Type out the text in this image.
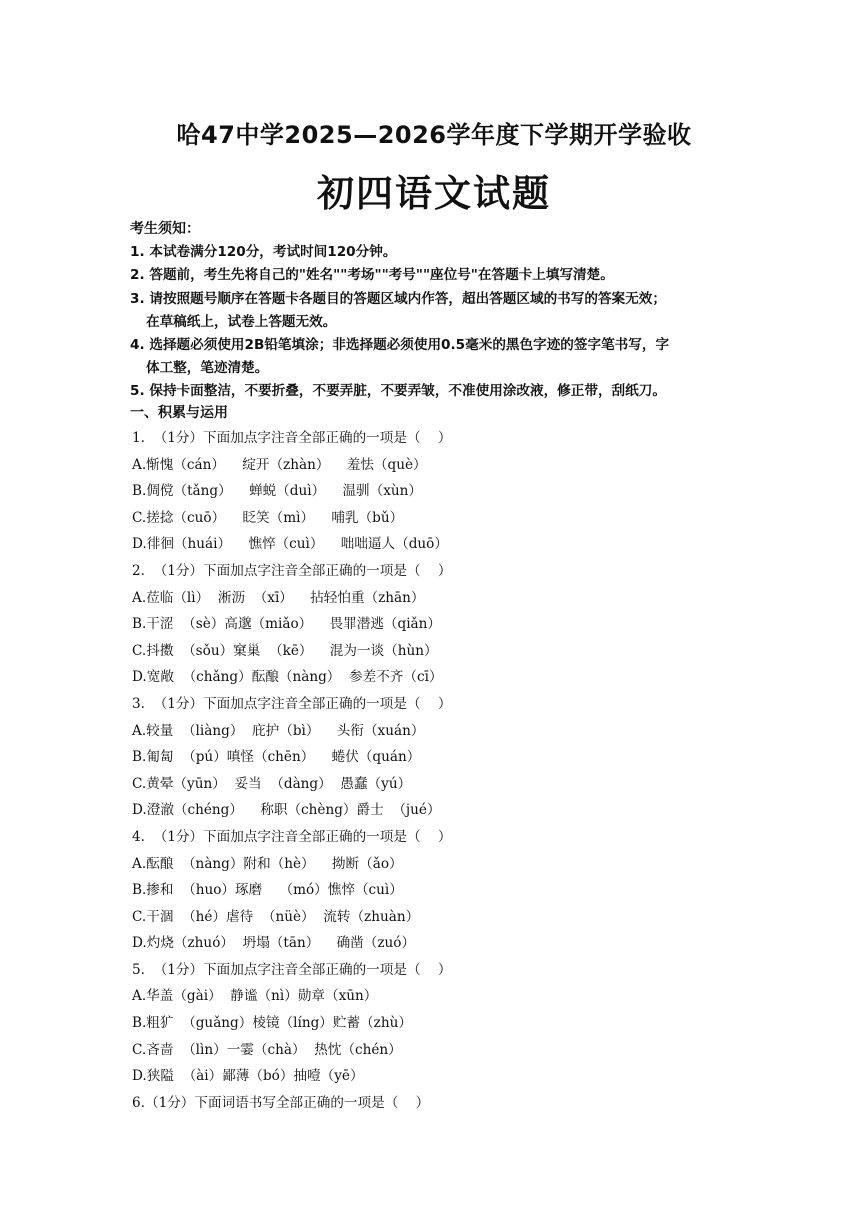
哈47中学2025—2026学年度下学期开学验收
初四语文试题
考生须知：
1. 本试卷满分120分，考试时间120分钟。
2. 答题前，考生先将自己的"姓名""考场""考号""座位号"在答题卡上填写清楚。
3. 请按照题号顺序在答题卡各题目的答题区域内作答，超出答题区域的书写的答案无效；
在草稿纸上，试卷上答题无效。
4. 选择题必须使用2B铅笔填涂；非选择题必须使用0.5毫米的黑色字迹的签字笔书写，字
体工整，笔迹清楚。
5. 保持卡面整洁，不要折叠，不要弄脏，不要弄皱，不准使用涂改液，修正带，刮纸刀。
一、积累与运用
1.  （1分）下面加点字注音全部正确的一项是（    ）
A.惭愧（cán）    绽开（zhàn）    羞怯（què）
B.倜傥（tǎng）    蝉蜕（duì）    温驯（xùn）
C.搓捻（cuō）    眨笑（mì）    哺乳（bǔ）
D.徘徊（huái）    憔悴（cuì）    咄咄逼人（duō）
2.  （1分）下面加点字注音全部正确的一项是（    ）
A.莅临（lì）  淅沥  （xī）    拈轻怕重（zhān）
B.干涩  （sè）高邈（miǎo）    畏罪潜逃（qiǎn）
C.抖擞  （sǒu）窠巢  （kē）    混为一谈（hùn）
D.宽敞  （chǎng）酝酿（nàng）  参差不齐（cī）
3.  （1分）下面加点字注音全部正确的一项是（    ）
A.较量  （liàng）  庇护（bì）    头衔（xuán）
B.匍匐  （pú）嗔怪（chēn）    蜷伏（quán）
C.黄晕（yūn）  妥当  （dàng）  愚蠢（yú）
D.澄澈（chéng）    称职（chèng）爵士  （jué）
4.  （1分）下面加点字注音全部正确的一项是（    ）
A.酝酿  （nàng）附和（hè）    拗断（ǎo）
B.掺和  （huo）琢磨    （mó）憔悴（cuì）
C.干涸  （hé）虐待  （nüè）  流转（zhuàn）
D.灼烧（zhuó）  坍塌（tān）    确凿（zuó）
5.  （1分）下面加点字注音全部正确的一项是（    ）
A.华盖（gài）  静谧（nì）勋章（xūn）
B.粗犷  （guǎng）棱镜（líng）贮蓄（zhù）
C.吝啬  （lìn）一霎（chà）  热忱（chén）
D.狭隘  （ài）鄙薄（bó）抽噎（yē）
6.（1分）下面词语书写全部正确的一项是（    ）
